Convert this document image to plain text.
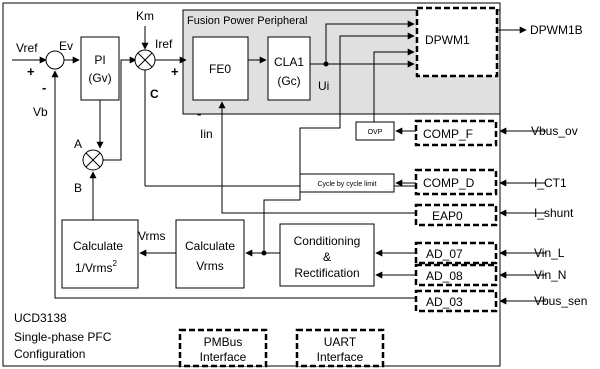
Fusion Power Peripheral
Vref
+
Ev
-
Vb
PI
(Gv)
A
B
Km
Iref
C
+	FE0
-
Iin
CLA1
(Gc) Ui
DPWM1
DPWM1B
OVP
Cycle by cycle limit
COMP_F
COMP_D
EAP0
AD_07
AD_08
AD_03
Vbus_ov
I_CT1
I_shunt
Vin_L
Vin_N
Vbus_sen
Conditioning
&
Rectification
Calculate
Vrms
Vrms
Calculate
1/Vrms$^2$
UCD3138
Single-phase PFC
Configuration
PMBus
Interface
UART
Interface
